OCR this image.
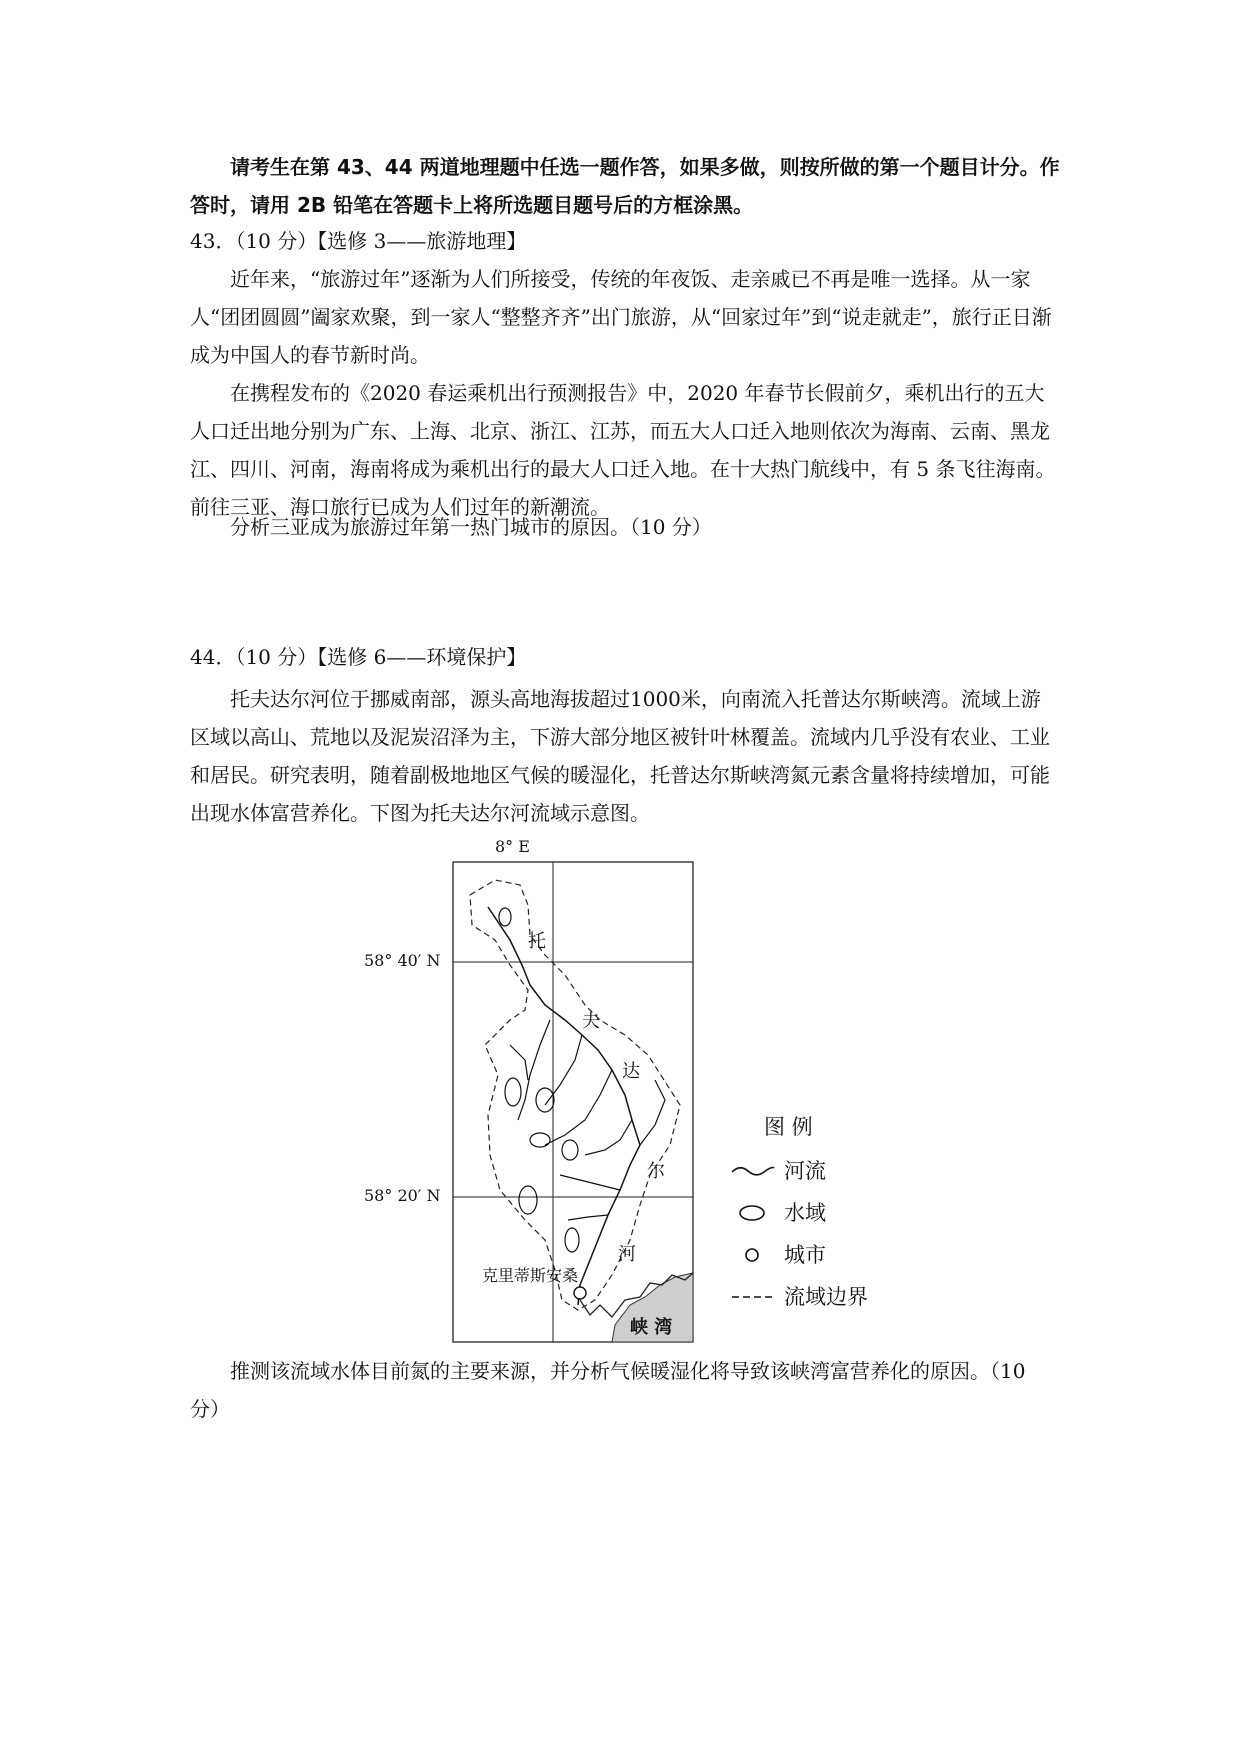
请考生在第 43、44 两道地理题中任选一题作答，如果多做，则按所做的第一个题目计分。作答时，请用 2B 铅笔在答题卡上将所选题目题号后的方框涂黑。

43．（10 分）【选修 3——旅游地理】

近年来，“旅游过年”逐渐为人们所接受，传统的年夜饭、走亲戚已不再是唯一选择。从一家人“团团圆圆”阖家欢聚，到一家人“整整齐齐”出门旅游，从“回家过年”到“说走就走”，旅行正日渐成为中国人的春节新时尚。

在携程发布的《2020 春运乘机出行预测报告》中，2020 年春节长假前夕，乘机出行的五大人口迁出地分别为广东、上海、北京、浙江、江苏，而五大人口迁入地则依次为海南、云南、黑龙江、四川、河南，海南将成为乘机出行的最大人口迁入地。在十大热门航线中，有 5 条飞往海南。前往三亚、海口旅行已成为人们过年的新潮流。

分析三亚成为旅游过年第一热门城市的原因。（10 分）

44．（10 分）【选修 6——环境保护】

托夫达尔河位于挪威南部，源头高地海拔超过1000米，向南流入托普达尔斯峡湾。流域上游区域以高山、荒地以及泥炭沼泽为主，下游大部分地区被针叶林覆盖。流域内几乎没有农业、工业和居民。研究表明，随着副极地地区气候的暖湿化，托普达尔斯峡湾氮元素含量将持续增加，可能出现水体富营养化。下图为托夫达尔河流域示意图。

8° E
58° 40′ N
58° 20′ N
托
夫
达
尔
河
克里蒂斯安桑
峡 湾
图 例
河流
水域
城市
流域边界

推测该流域水体目前氮的主要来源，并分析气候暖湿化将导致该峡湾富营养化的原因。（10 分）
